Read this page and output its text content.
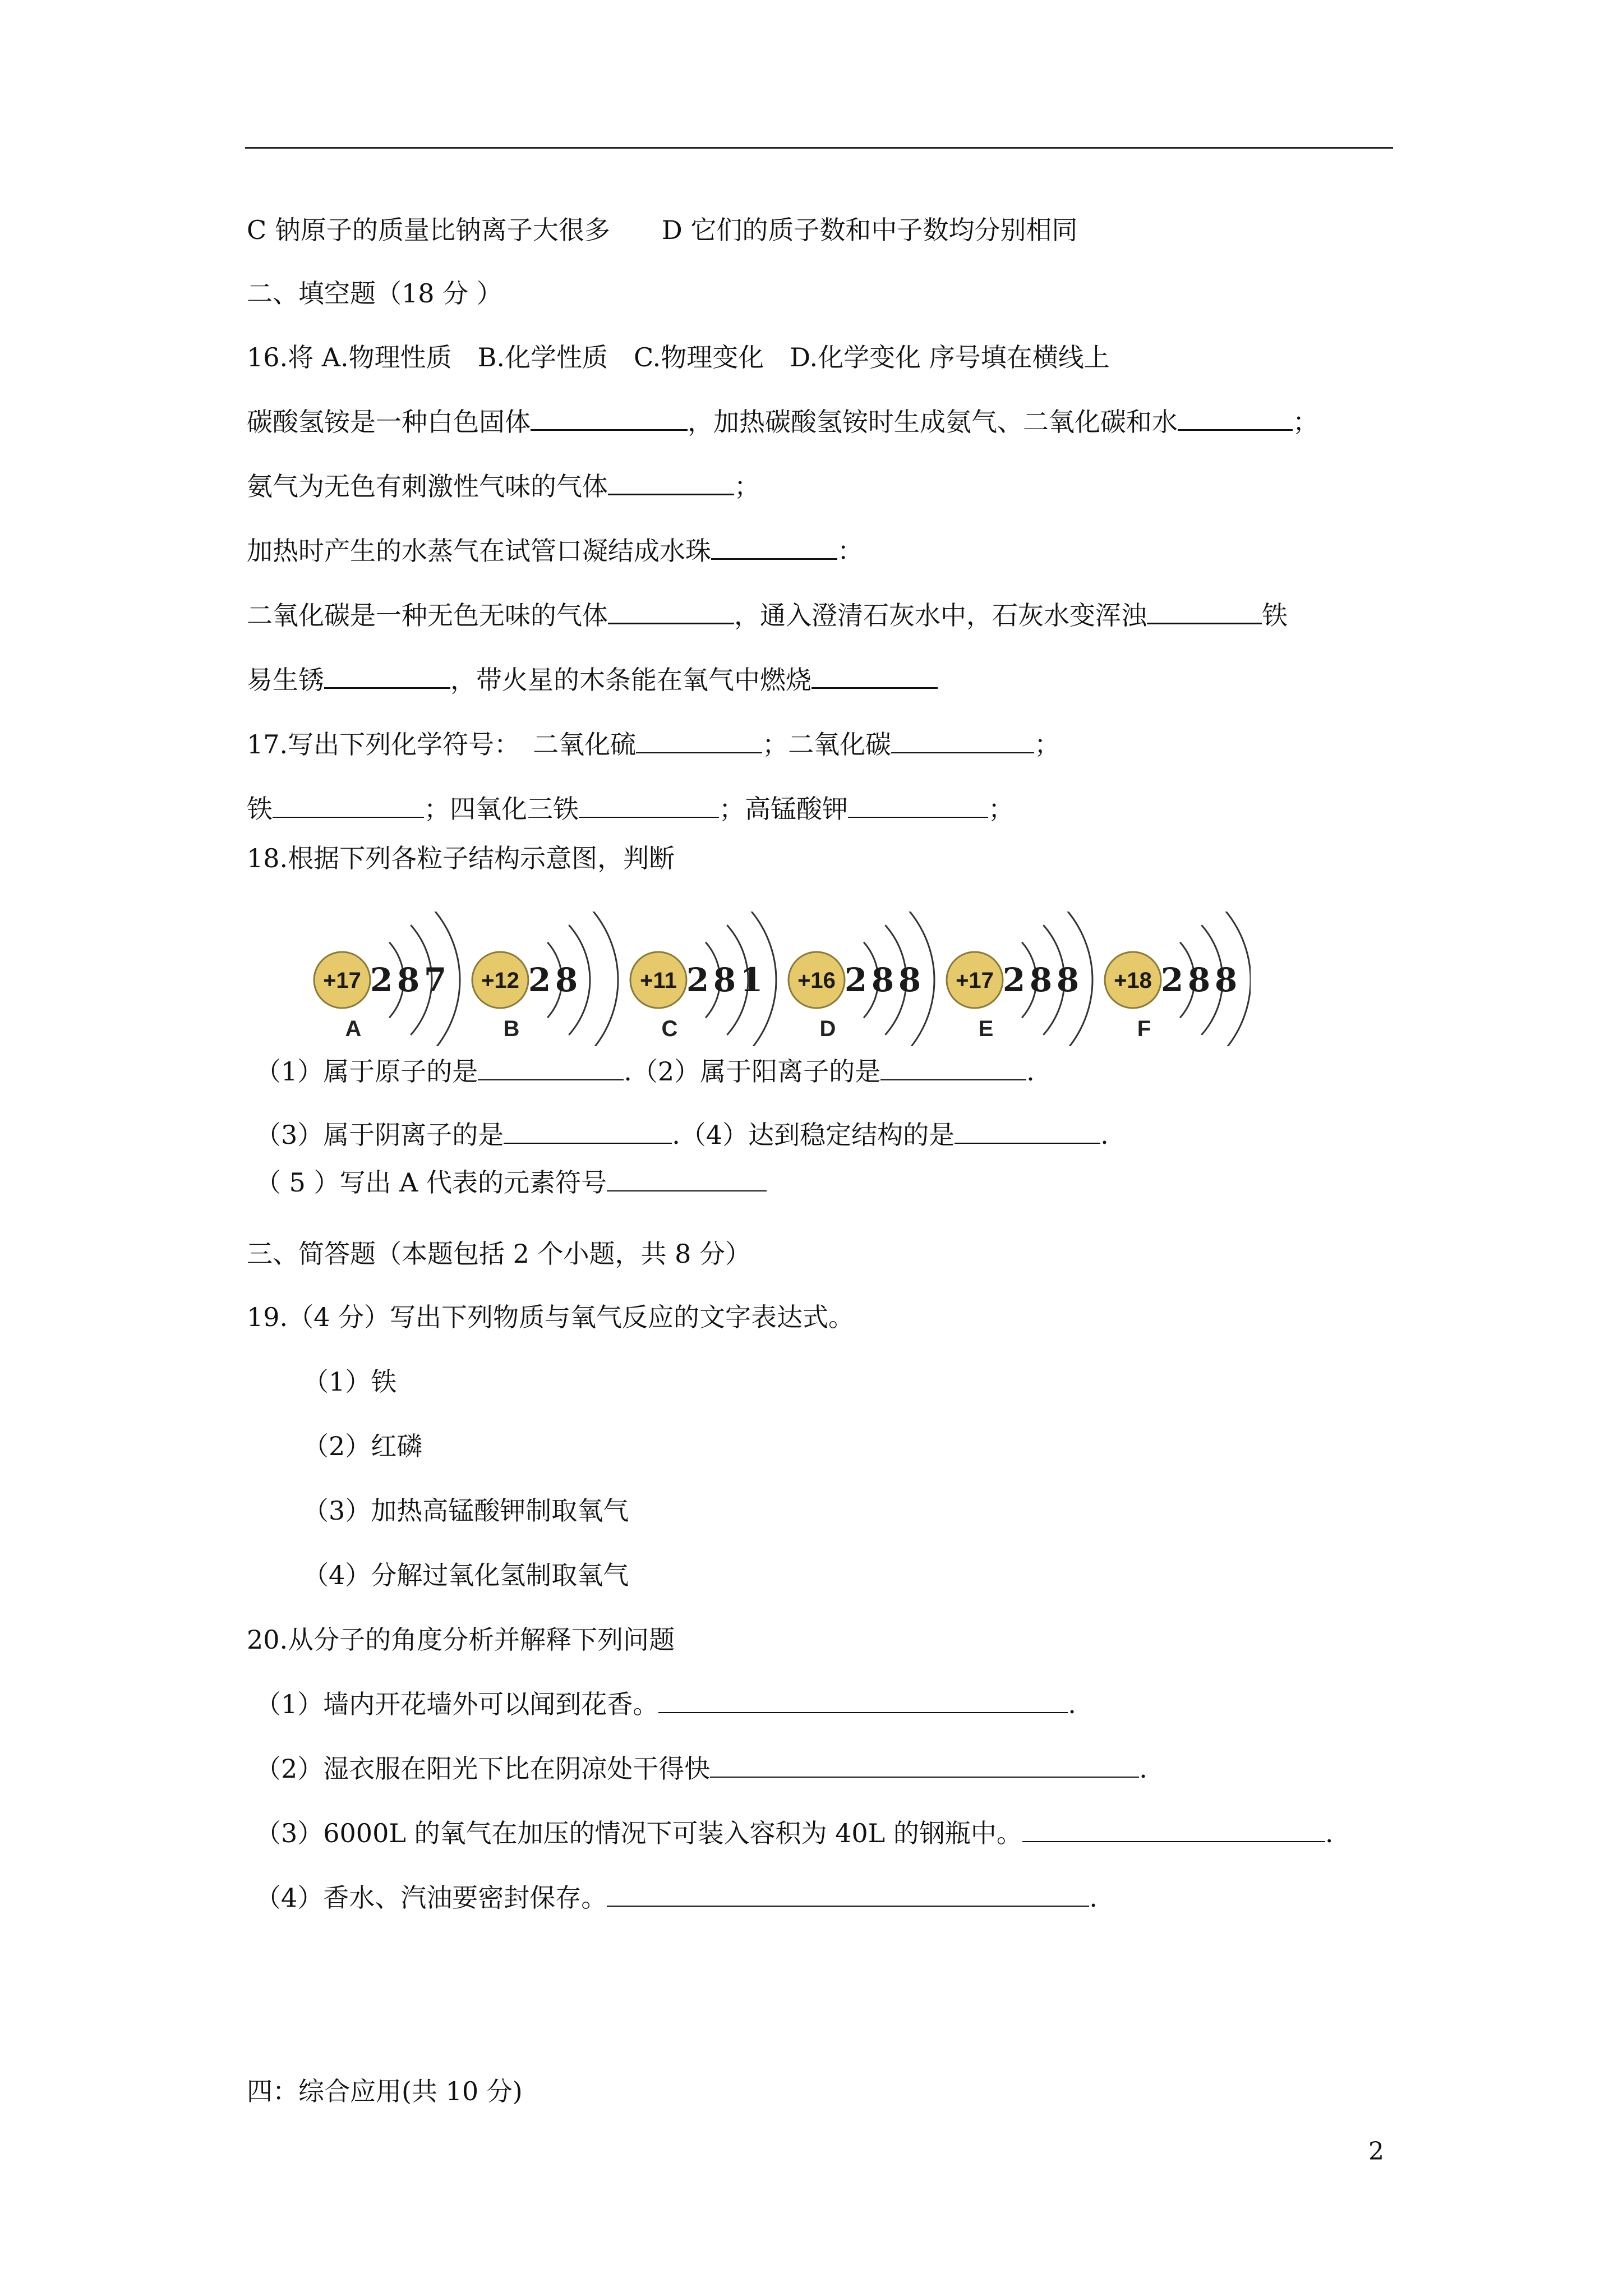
C 钠原子的质量比钠离子大很多　　D 它们的质子数和中子数均分别相同
二、填空题（18 分 ）
16.将 A.物理性质　B.化学性质　C.物理变化　D.化学变化 序号填在横线上
碳酸氢铵是一种白色固体	，加热碳酸氢铵时生成氨气、二氧化碳和水	；
氨气为无色有刺激性气味的气体	；
加热时产生的水蒸气在试管口凝结成水珠	：
二氧化碳是一种无色无味的气体	，通入澄清石灰水中，石灰水变浑浊	铁
易生锈	，带火星的木条能在氧气中燃烧
17.写出下列化学符号：　二氧化硫	；二氧化碳	；
铁	；四氧化三铁	；高锰酸钾	；
18.根据下列各粒子结构示意图，判断
+17 2 8 7
A
+12 2 8
B
+11 2 8 1
C
+16 2 8 8
D
+17 2 8 8
E
+18 2 8 8
F
（1）属于原子的是	.（2）属于阳离子的是	.
（3）属于阴离子的是	.（4）达到稳定结构的是	.
（ 5 ）写出 A 代表的元素符号
三、简答题（本题包括 2 个小题，共 8 分）
19.（4 分）写出下列物质与氧气反应的文字表达式。
（1）铁
（2）红磷
（3）加热高锰酸钾制取氧气
（4）分解过氧化氢制取氧气
20.从分子的角度分析并解释下列问题
（1）墙内开花墙外可以闻到花香。	.
（2）湿衣服在阳光下比在阴凉处干得快	.
（3）6000L 的氧气在加压的情况下可装入容积为 40L 的钢瓶中。	.
（4）香水、汽油要密封保存。	.
四：综合应用(共 10 分)
2
